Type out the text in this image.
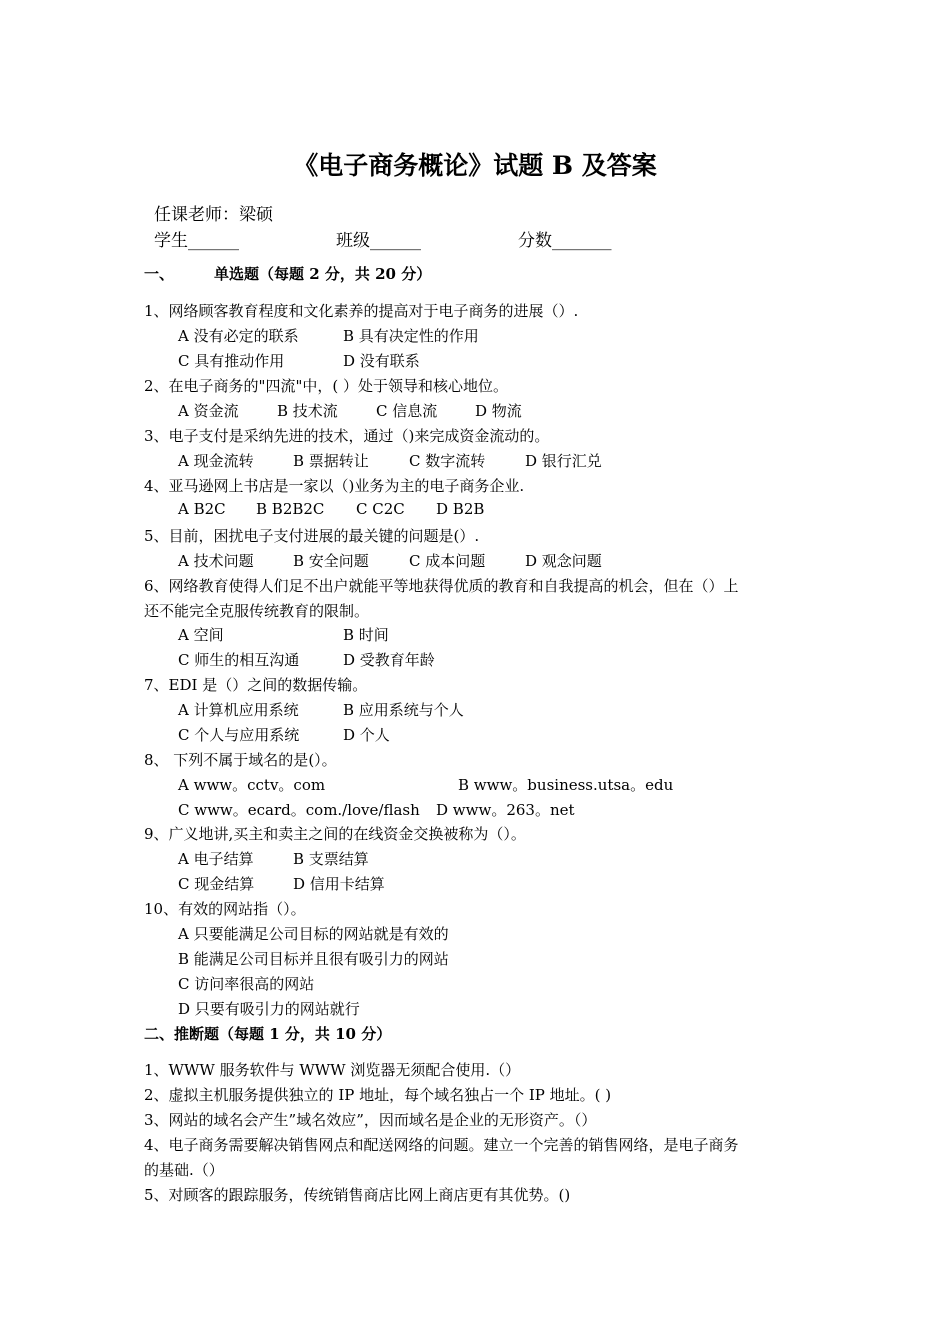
《电子商务概论》试题 B 及答案
任课老师：梁硕
学生______	班级______	分数_______
一、	单选题（每题 2 分，共 20 分）
1、网络顾客教育程度和文化素养的提高对于电子商务的进展（）.
A 没有必定的联系	B 具有决定性的作用
C 具有推动作用	D 没有联系
2、在电子商务的"四流"中，( ）处于领导和核心地位。
A 资金流	B 技术流	C 信息流	D 物流
3、电子支付是采纳先进的技术，通过（)来完成资金流动的。
A 现金流转	B 票据转让	C 数字流转	D 银行汇兑
4、亚马逊网上书店是一家以（)业务为主的电子商务企业.
A B2C B B2B2C C C2C D B2B
5、目前，困扰电子支付进展的最关键的问题是(）.
A 技术问题	B 安全问题	C 成本问题	D 观念问题
6、网络教育使得人们足不出户就能平等地获得优质的教育和自我提高的机会，但在（）上
还不能完全克服传统教育的限制。
A 空间	B 时间
C 师生的相互沟通	D 受教育年龄
7、EDI 是（）之间的数据传输。
A 计算机应用系统	B 应用系统与个人
C 个人与应用系统	D 个人
8、 下列不属于域名的是(）。
A www。cctv。com	B www。business.utsa。edu
C www。ecard。com./love/flash D www。263。net
9、广义地讲,买主和卖主之间的在线资金交换被称为（）。
A 电子结算	B 支票结算
C 现金结算	D 信用卡结算
10、有效的网站指（）。
A 只要能满足公司目标的网站就是有效的
B 能满足公司目标并且很有吸引力的网站
C 访问率很高的网站
D 只要有吸引力的网站就行
二、推断题（每题 1 分，共 10 分）
1、WWW 服务软件与 WWW 浏览器无须配合使用.（）
2、虚拟主机服务提供独立的 IP 地址，每个域名独占一个 IP 地址。( )
3、网站的域名会产生”域名效应”，因而域名是企业的无形资产。（）
4、电子商务需要解决销售网点和配送网络的问题。建立一个完善的销售网络，是电子商务
的基础.（）
5、对顾客的跟踪服务，传统销售商店比网上商店更有其优势。()
